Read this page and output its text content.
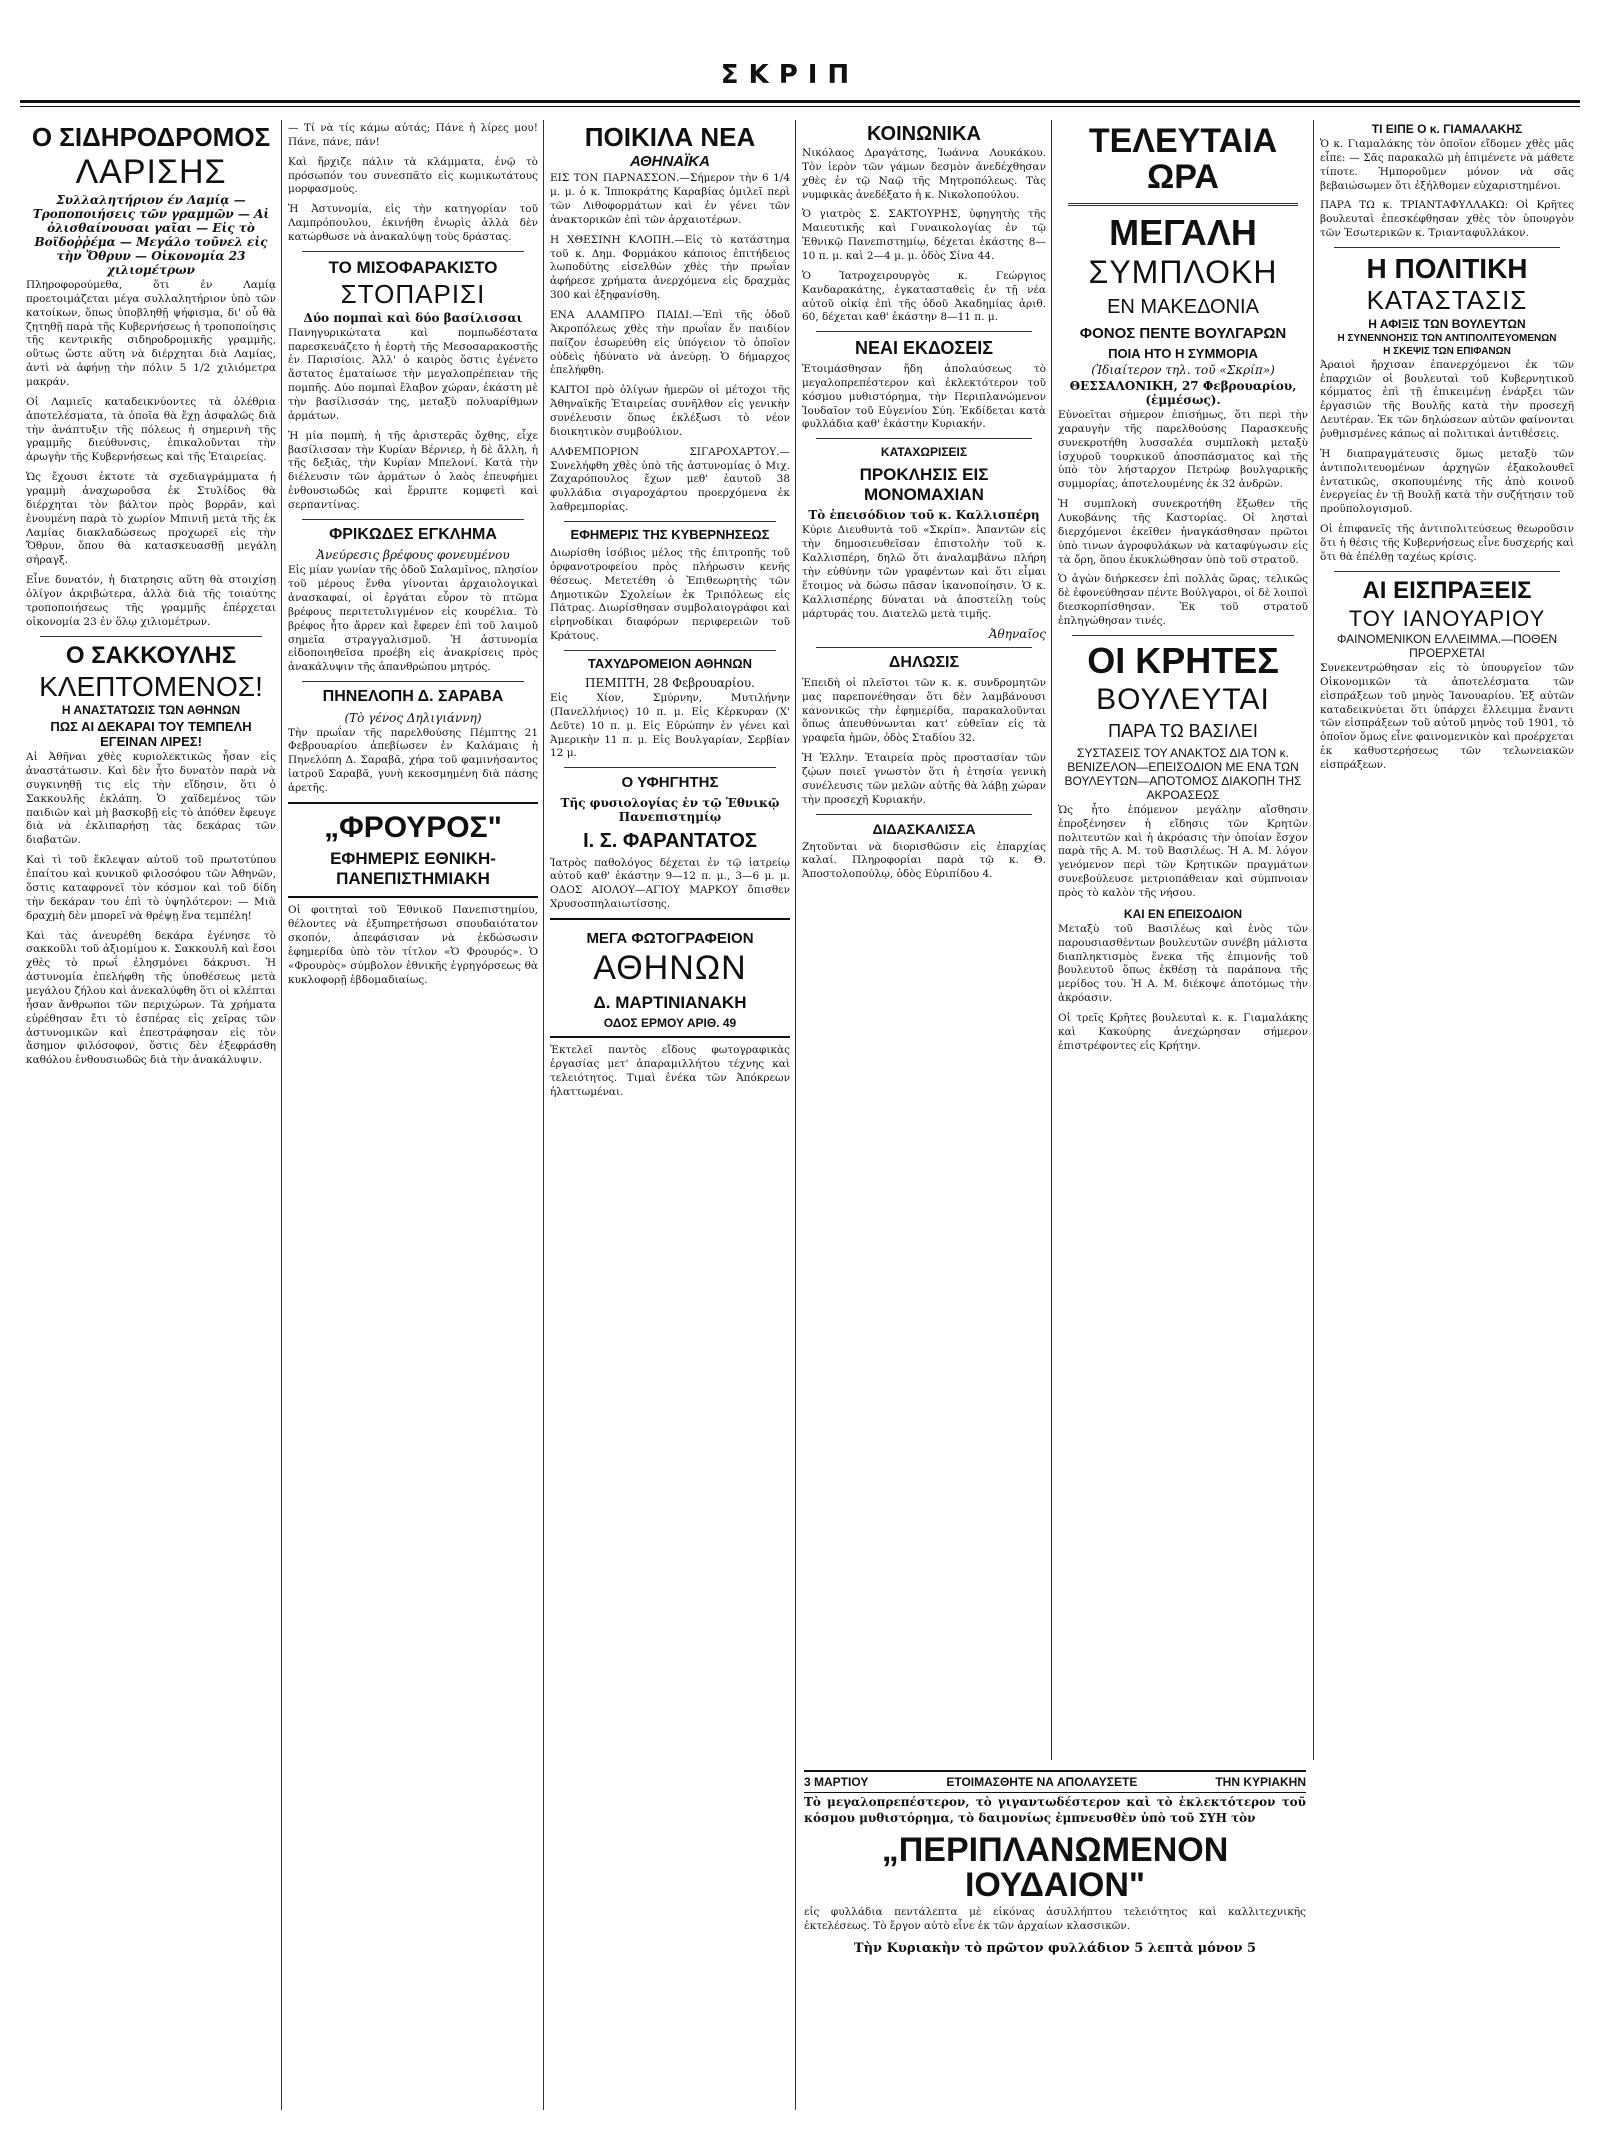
ΣΚΡΙΠ
Ο ΣΙΔΗΡΟΔΡΟΜΟΣ
ΛΑΡΙΣΗΣ
Συλλαλητήριον έν Λαμίᾳ — Τροποποιήσεις τῶν γραμμῶν — Αἱ ὀλισθαίνουσαι γαῖαι — Εἰς τὸ Βοϊδοῤῥέμα — Μεγάλο τοῦνελ εἰς τὴν Ὄθρυν — Οἰκονομία 23 χιλιομέτρων
Πληροφορούμεθα, ὅτι ἐν Λαμίᾳ προετοιμάζεται μέγα συλλαλητήριον ὑπὸ τῶν κατοίκων, ὅπως ὑποβληθῇ ψήφισμα, δι' οὗ θὰ ζητηθῇ παρὰ τῆς Κυβερνήσεως ἡ τροποποίησις τῆς κεντρικῆς σιδηροδρομικῆς γραμμῆς, οὕτως ὥστε αὕτη νὰ διέρχηται διὰ Λαμίας, ἀντὶ νὰ ἀφήνῃ τὴν πόλιν 5 1/2 χιλιόμετρα μακράν.
Οἱ Λαμιεῖς καταδεικνύοντες τὰ ὀλέθρια ἀποτελέσματα, τὰ ὁποῖα θὰ ἔχῃ ἀσφαλῶς διὰ τὴν ἀνάπτυξιν τῆς πόλεως ἡ σημερινὴ τῆς γραμμῆς διεύθυνσις, ἐπικαλοῦνται τὴν ἀρωγὴν τῆς Κυβερνήσεως καὶ τῆς Ἑταιρείας.
Ὡς ἔχουσι ἐκτοτε τὰ σχεδιαγράμματα ἡ γραμμὴ ἀναχωροῦσα ἐκ Στυλίδος θὰ διέρχηται τὸν βάλτον πρὸς βορρᾶν, καὶ ἑνουμένη παρὰ τὸ χωρίον Μπινιῆ μετὰ τῆς ἐκ Λαμίας διακλαδώσεως προχωρεῖ εἰς τὴν Ὄθρυν, ὅπου θὰ κατασκευασθῇ μεγάλη σήραγξ.
Εἶνε δυνατόν, ἡ διατρησις αὕτη θὰ στοιχίσῃ ὀλίγον ἀκριβώτερα, ἀλλὰ διὰ τῆς τοιαύτης τροποποιήσεως τῆς γραμμῆς ἐπέρχεται οἰκονομία 23 ἐν ὅλῳ χιλιομέτρων.
Ο ΣΑΚΚΟΥΛΗΣ
ΚΛΕΠΤΟΜΕΝΟΣ!
Η ΑΝΑΣΤΑΤΩΣΙΣ ΤΩΝ ΑΘΗΝΩΝ
ΠΩΣ ΑΙ ΔΕΚΑΡΑΙ ΤΟΥ ΤΕΜΠΕΛΗ ΕΓΕΙΝΑΝ ΛΙΡΕΣ!
Αἱ Ἀθῆναι χθὲς κυριολεκτικῶς ἦσαν εἰς ἀναστάτωσιν. Καὶ δὲν ἦτο δυνατὸν παρὰ νὰ συγκινηθῇ τις εἰς τὴν εἴδησιν, ὅτι ὁ Σακκουλῆς ἐκλάπη. Ὁ χαϊδεμένος τῶν παιδιῶν καὶ μὴ βασκοβῇ εἰς τὸ ἀπόθεν ἔφευγε διὰ νὰ ἐκλιπαρήσῃ τὰς δεκάρας τῶν διαβατῶν.
Καὶ τὶ τοῦ ἔκλεψαν αὐτοῦ τοῦ πρωτοτύπου ἐπαίτου καὶ κυνικοῦ φιλοσόφου τῶν Ἀθηνῶν, ὅστις καταφρονεῖ τὸν κόσμον καὶ τοῦ δίδη τὴν δεκάραν του ἐπὶ τὸ ὑψηλότερον: — Μιὰ δραχμὴ δὲν μπορεῖ νὰ θρέψῃ ἕνα τεμπέλη!
Καὶ τὰς ἀνευρέθη δεκάρα ἐγένησε τὸ σακκοῦλι τοῦ ἀξιομίμου κ. Σακκουλῆ καὶ ἔσοι χθὲς τὸ πρωΐ ἐλησμόνει δάκρυσι. Ἡ ἀστυνομία ἐπελήφθη τῆς ὑποθέσεως μετὰ μεγάλου ζήλου καὶ ἀνεκαλύφθη ὅτι οἱ κλέπται ἦσαν ἄνθρωποι τῶν περιχώρων. Τὰ χρήματα εὑρέθησαν ἔτι τὸ ἑσπέρας εἰς χεῖρας τῶν ἀστυνομικῶν καὶ ἐπεστράφησαν εἰς τὸν ἄσημον φιλόσοφον, ὅστις δὲν ἐξεφράσθη καθόλου ἐνθουσιωδῶς διὰ τὴν ἀνακάλυψιν.
— Τί νὰ τίς κάμω αὐτάς; Πάνε ἡ λίρες μου! Πάνε, πάνε, πάν!
Καὶ ἤρχιζε πάλιν τὰ κλάμματα, ἐνῷ τὸ πρόσωπόν του συνεσπᾶτο εἰς κωμικωτάτους μορφασμούς.
Ἡ Ἀστυνομία, εἰς τὴν κατηγορίαν τοῦ Λαμπρόπουλου, ἐκινήθη ἐνωρὶς ἀλλὰ δὲν κατώρθωσε νὰ ἀνακαλύψῃ τοὺς δράστας.
ΤΟ ΜΙΣΟΦΑΡΑΚΙΣΤΟ
ΣΤΟΠΑΡΙΣΙ
Δύο πομπαὶ καὶ δύο βασίλισσαι
Πανηγυρικώτατα καὶ πομπωδέστατα παρεσκευάζετο ἡ ἑορτὴ τῆς Μεσοσαρακοστῆς ἐν Παρισίοις. Ἀλλ' ὁ καιρὸς ὅστις ἐγένετο ἄστατος ἐματαίωσε τὴν μεγαλοπρέπειαν τῆς πομπῆς. Δύο πομπαὶ ἔλαβον χώραν, ἐκάστη μὲ τὴν βασίλισσάν της, μεταξὺ πολυαρίθμων ἁρμάτων.
Ἡ μία πομπὴ, ἡ τῆς ἀριστερᾶς ὄχθης, εἶχε βασίλισσαν τὴν Κυρίαν Βέρνιερ, ἡ δὲ ἄλλη, ἡ τῆς δεξιᾶς, τὴν Κυρίαν Μπελονί. Κατὰ τὴν διέλευσιν τῶν ἁρμάτων ὁ λαὸς ἐπευφήμει ἐνθουσιωδῶς καὶ ἔρριπτε κομφετὶ καὶ σερπαντίνας.
ΦΡΙΚΩΔΕΣ ΕΓΚΛΗΜΑ
Ἀνεύρεσις βρέφους φονευμένου
Εἰς μίαν γωνίαν τῆς ὁδοῦ Σαλαμῖνος, πλησίον τοῦ μέρους ἔνθα γίνονται ἀρχαιολογικαὶ ἀνασκαφαί, οἱ ἐργάται εὗρον τὸ πτῶμα βρέφους περιτετυλιγμένον εἰς κουρέλια. Τὸ βρέφος ἦτο ἄρρεν καὶ ἔφερεν ἐπὶ τοῦ λαιμοῦ σημεῖα στραγγαλισμοῦ. Ἡ ἀστυνομία εἰδοποιηθεῖσα προέβη εἰς ἀνακρίσεις πρὸς ἀνακάλυψιν τῆς ἀπανθρώπου μητρός.
ΠΗΝΕΛΟΠΗ Δ. ΣΑΡΑΒΑ
(Τὸ γένος Δηλιγιάννη)
Τὴν πρωΐαν τῆς παρελθούσης Πέμπτης 21 Φεβρουαρίου ἀπεβίωσεν ἐν Καλάμαις ἡ Πηνελόπη Δ. Σαραβᾶ, χήρα τοῦ φαμινήσαντος ἰατροῦ Σαραβᾶ, γυνὴ κεκοσμημένη διὰ πάσης ἀρετῆς.
„ΦΡΟΥΡΟΣ"
ΕΦΗΜΕΡΙΣ ΕΘΝΙΚΗ-ΠΑΝΕΠΙΣΤΗΜΙΑΚΗ
Οἱ φοιτηταὶ τοῦ Ἐθνικοῦ Πανεπιστημίου, θέλοντες νὰ ἐξυπηρετήσωσι σπουδαιότατον σκοπόν, ἀπεφάσισαν νὰ ἐκδώσωσιν ἐφημερίδα ὑπὸ τὸν τίτλον «Ὁ Φρουρός». Ὁ «Φρουρὸς» σύμβολον ἐθνικῆς ἐγρηγόρσεως θὰ κυκλοφορῇ ἑβδομαδιαίως.
ΠΟΙΚΙΛΑ ΝΕΑ
ΑΘΗΝΑΪΚΑ
ΕΙΣ ΤΟΝ ΠΑΡΝΑΣΣΟΝ.—Σήμερον τὴν 6 1/4 μ. μ. ὁ κ. Ἱπποκράτης Καραβίας ὁμιλεῖ περὶ τῶν Λιθοφορμάτων καὶ ἐν γένει τῶν ἀνακτορικῶν ἐπὶ τῶν ἀρχαιοτέρων.
Η ΧΘΕΣΙΝΗ ΚΛΟΠΗ.—Εἰς τὸ κατάστημα τοῦ κ. Δημ. Φορμάκου κάποιος ἐπιτήδειος λωποδύτης εἰσελθὼν χθὲς τὴν πρωΐαν ἀφήρεσε χρήματα ἀνερχόμενα εἰς δραχμὰς 300 καὶ ἐξηφανίσθη.
ΕΝΑ ΑΛΑΜΠΡΟ ΠΑΙΔΙ.—Ἐπὶ τῆς ὁδοῦ Ἀκροπόλεως χθὲς τὴν πρωΐαν ἕν παιδίον παίζον ἐσωρεύθη εἰς ὑπόγειον τὸ ὁποῖον οὐδεὶς ἠδύνατο νὰ ἀνεύρῃ. Ὁ δήμαρχος ἐπελήφθη.
ΚΑΙΤΟΙ πρὸ ὀλίγων ἡμερῶν οἱ μέτοχοι τῆς Ἀθηναϊκῆς Ἑταιρείας συνῆλθον εἰς γενικὴν συνέλευσιν ὅπως ἐκλέξωσι τὸ νέον διοικητικὸν συμβούλιον.
ΑΛΦΕΜΠΟΡΙΟΝ ΣΙΓΑΡΟΧΑΡΤΟΥ.—Συνελήφθη χθὲς ὑπὸ τῆς ἀστυνομίας ὁ Μιχ. Ζαχαρόπουλος ἔχων μεθ' ἑαυτοῦ 38 φυλλάδια σιγαροχάρτου προερχόμενα ἐκ λαθρεμπορίας.
ΕΦΗΜΕΡΙΣ ΤΗΣ ΚΥΒΕΡΝΗΣΕΩΣ
Διωρίσθη ἰσόβιος μέλος τῆς ἐπιτροπῆς τοῦ ὀρφανοτροφείου πρὸς πλήρωσιν κενῆς θέσεως. Μετετέθη ὁ Ἐπιθεωρητὴς τῶν Δημοτικῶν Σχολείων ἐκ Τριπόλεως εἰς Πάτρας. Διωρίσθησαν συμβολαιογράφοι καὶ εἰρηνοδίκαι διαφόρων περιφερειῶν τοῦ Κράτους.
ΤΑΧΥΔΡΟΜΕΙΟΝ ΑΘΗΝΩΝ
ΠΕΜΠΤΗ, 28 Φεβρουαρίου.
Εἰς Χίον, Σμύρνην, Μυτιλήνην (Πανελλήνιος) 10 π. μ. Εἰς Κέρκυραν (Χ' Δεῦτε) 10 π. μ. Εἰς Εὐρώπην ἐν γένει καὶ Ἀμερικὴν 11 π. μ. Εἰς Βουλγαρίαν, Σερβίαν 12 μ.
Ο ΥΦΗΓΗΤΗΣ
Τῆς φυσιολογίας ἐν τῷ Ἐθνικῷ Πανεπιστημίῳ
Ι. Σ. ΦΑΡΑΝΤΑΤΟΣ
Ἰατρὸς παθολόγος δέχεται ἐν τῷ ἰατρείῳ αὐτοῦ καθ' ἑκάστην 9—12 π. μ., 3—6 μ. μ. ΟΔΟΣ ΑΙΟΛΟΥ—ΑΓΙΟΥ ΜΑΡΚΟΥ ὄπισθεν Χρυσοσπηλαιωτίσσης.
ΜΕΓΑ ΦΩΤΟΓΡΑΦΕΙΟΝ
ΑΘΗΝΩΝ
Δ. ΜΑΡΤΙΝΙΑΝΑΚΗ
ΟΔΟΣ ΕΡΜΟΥ ΑΡΙΘ. 49
Ἐκτελεῖ παντὸς εἴδους φωτογραφικὰς ἐργασίας μετ' ἀπαραμιλλήτου τέχνης καὶ τελειότητος. Τιμαὶ ἐνέκα τῶν Ἀπόκρεων ἠλαττωμέναι.
ΚΟΙΝΩΝΙΚΑ
Νικόλαος Δραγάτσης, Ἰωάννα Λουκάκου. Τὸν ἱερὸν τῶν γάμων δεσμὸν ἀνεδέχθησαν χθὲς ἐν τῷ Ναῷ τῆς Μητροπόλεως. Τὰς νυμφικὰς ἀνεδέξατο ἡ κ. Νικολοπούλου.
Ὁ γιατρὸς Σ. ΣΑΚΤΟΥΡΗΣ, ὑφηγητὴς τῆς Μαιευτικῆς καὶ Γυναικολογίας ἐν τῷ Ἐθνικῷ Πανεπιστημίῳ, δέχεται ἑκάστης 8—10 π. μ. καὶ 2—4 μ. μ. ὁδὸς Σίνα 44.
Ὁ Ἰατροχειρουργὸς κ. Γεώργιος Κανδαρακάτης, ἐγκατασταθεὶς ἐν τῇ νέα αὐτοῦ οἰκίᾳ ἐπὶ τῆς ὁδοῦ Ἀκαδημίας ἀριθ. 60, δέχεται καθ' ἑκάστην 8—11 π. μ.
ΝΕΑΙ ΕΚΔΟΣΕΙΣ
Ἐτοιμάσθησαν ἤδη ἀπολαύσεως τὸ μεγαλοπρεπέστερον καὶ ἐκλεκτότερον τοῦ κόσμου μυθιστόρημα, τὴν Περιπλανώμενον Ἰουδαῖον τοῦ Εὐγενίου Σύη. Ἐκδίδεται κατὰ φυλλάδια καθ' ἑκάστην Κυριακήν.
ΚΑΤΑΧΩΡΙΣΕΙΣ
ΠΡΟΚΛΗΣΙΣ ΕΙΣ ΜΟΝΟΜΑΧΙΑΝ
Τὸ ἐπεισόδιον τοῦ κ. Καλλισπέρη
Κύριε Διευθυντὰ τοῦ «Σκρίπ». Ἀπαντῶν εἰς τὴν δημοσιευθεῖσαν ἐπιστολὴν τοῦ κ. Καλλισπέρη, δηλῶ ὅτι ἀναλαμβάνω πλήρη τὴν εὐθύνην τῶν γραφέντων καὶ ὅτι εἶμαι ἕτοιμος νὰ δώσω πᾶσαν ἱκανοποίησιν. Ὁ κ. Καλλισπέρης δύναται νὰ ἀποστείλῃ τοὺς μάρτυράς του. Διατελῶ μετὰ τιμῆς.
Ἀθηναῖος
ΔΗΛΩΣΙΣ
Ἐπειδὴ οἱ πλεῖστοι τῶν κ. κ. συνδρομητῶν μας παρεπονέθησαν ὅτι δὲν λαμβάνουσι κανονικῶς τὴν ἐφημερίδα, παρακαλοῦνται ὅπως ἀπευθύνωνται κατ' εὐθεῖαν εἰς τὰ γραφεῖα ἡμῶν, ὁδὸς Σταδίου 32.
Ἡ Ἑλλην. Ἑταιρεία πρὸς προστασίαν τῶν ζῴων ποιεῖ γνωστὸν ὅτι ἡ ἐτησία γενικὴ συνέλευσις τῶν μελῶν αὐτῆς θὰ λάβῃ χώραν τὴν προσεχῆ Κυριακήν.
ΔΙΔΑΣΚΑΛΙΣΣΑ
Ζητοῦνται νὰ διορισθῶσιν εἰς ἐπαρχίας καλαί. Πληροφορίαι παρὰ τῷ κ. Θ. Ἀποστολοπούλῳ, ὁδὸς Εὐριπίδου 4.
ΤΕΛΕΥΤΑΙΑ ΩΡΑ
ΜΕΓΑΛΗ
ΣΥΜΠΛΟΚΗ
ΕΝ ΜΑΚΕΔΟΝΙΑ
ΦΟΝΟΣ ΠΕΝΤΕ ΒΟΥΛΓΑΡΩΝ
ΠΟΙΑ ΗΤΟ Η ΣΥΜΜΟΡΙΑ
(Ἰδιαίτερον τηλ. τοῦ «Σκρίπ»)
ΘΕΣΣΑΛΟΝΙΚΗ, 27 Φεβρουαρίου, (ἐμμέσως).
Εὐνοεῖται σήμερον ἐπισήμως, ὅτι περὶ τὴν χαραυγὴν τῆς παρελθούσης Παρασκευῆς συνεκροτήθη λυσσαλέα συμπλοκὴ μεταξὺ ἰσχυροῦ τουρκικοῦ ἀποσπάσματος καὶ τῆς ὑπὸ τὸν λήσταρχον Πετρὼφ βουλγαρικῆς συμμορίας, ἀποτελουμένης ἐκ 32 ἀνδρῶν.
Ἡ συμπλοκὴ συνεκροτήθη ἔξωθεν τῆς Λυκοβάνης τῆς Καστορίας. Οἱ λησταὶ διερχόμενοι ἐκεῖθεν ἠναγκάσθησαν πρῶτοι ὑπὸ τινων ἀγροφυλάκων νὰ καταφύγωσιν εἰς τὰ ὄρη, ὅπου ἐκυκλώθησαν ὑπὸ τοῦ στρατοῦ.
Ὁ ἀγὼν διήρκεσεν ἐπὶ πολλὰς ὥρας, τελικῶς δὲ ἐφονεύθησαν πέντε Βούλγαροι, οἱ δὲ λοιποὶ διεσκορπίσθησαν. Ἐκ τοῦ στρατοῦ ἐπληγώθησαν τινές.
ΟΙ ΚΡΗΤΕΣ
ΒΟΥΛΕΥΤΑΙ
ΠΑΡΑ ΤΩ ΒΑΣΙΛΕΙ
ΣΥΣΤΑΣΕΙΣ ΤΟΥ ΑΝΑΚΤΟΣ ΔΙΑ ΤΟΝ κ. ΒΕΝΙΖΕΛΟΝ—ΕΠΕΙΣΟΔΙΟΝ ΜΕ ΕΝΑ ΤΩΝ ΒΟΥΛΕΥΤΩΝ—ΑΠΟΤΟΜΟΣ ΔΙΑΚΟΠΗ ΤΗΣ ΑΚΡΟΑΣΕΩΣ
Ὡς ἦτο ἑπόμενον μεγάλην αἴσθησιν ἐπροξένησεν ἡ εἴδησις τῶν Κρητῶν πολιτευτῶν καὶ ἡ ἀκρόασις τὴν ὁποίαν ἔσχον παρὰ τῆς Α. Μ. τοῦ Βασιλέως. Ἡ Α. Μ. λόγον γενόμενον περὶ τῶν Κρητικῶν πραγμάτων συνεβούλευσε μετριοπάθειαν καὶ σύμπνοιαν πρὸς τὸ καλὸν τῆς νήσου.
ΚΑΙ ΕΝ ΕΠΕΙΣΟΔΙΟΝ
Μεταξὺ τοῦ Βασιλέως καὶ ἑνὸς τῶν παρουσιασθέντων βουλευτῶν συνέβη μάλιστα διαπληκτισμὸς ἕνεκα τῆς ἐπιμονῆς τοῦ βουλευτοῦ ὅπως ἐκθέσῃ τὰ παράπονα τῆς μερίδος του. Ἡ Α. Μ. διέκοψε ἀποτόμως τὴν ἀκρόασιν.
Οἱ τρεῖς Κρῆτες βουλευταὶ κ. κ. Γιαμαλάκης καὶ Κακούρης ἀνεχώρησαν σήμερον ἐπιστρέφοντες εἰς Κρήτην.
ΤΙ ΕΙΠΕ Ο κ. ΓΙΑΜΑΛΑΚΗΣ
Ὁ κ. Γιαμαλάκης τὸν ὁποῖον εἴδομεν χθὲς μᾶς εἶπε: — Σᾶς παρακαλῶ μὴ ἐπιμένετε νὰ μάθετε τίποτε. Ἠμποροῦμεν μόνον νὰ σᾶς βεβαιώσωμεν ὅτι ἐξήλθομεν εὐχαριστημένοι.
ΠΑΡΑ ΤΩ κ. ΤΡΙΑΝΤΑΦΥΛΛΑΚΩ: Οἱ Κρῆτες βουλευταὶ ἐπεσκέφθησαν χθὲς τὸν ὑπουργὸν τῶν Ἐσωτερικῶν κ. Τριανταφυλλάκον.
Η ΠΟΛΙΤΙΚΗ
ΚΑΤΑΣΤΑΣΙΣ
Η ΑΦΙΞΙΣ ΤΩΝ ΒΟΥΛΕΥΤΩΝ
Η ΣΥΝΕΝΝΟΗΣΙΣ ΤΩΝ ΑΝΤΙΠΟΛΙΤΕΥΟΜΕΝΩΝ
Η ΣΚΕΨΙΣ ΤΩΝ ΕΠΙΦΑΝΩΝ
Ἀραιοὶ ἤρχισαν ἐπανερχόμενοι ἐκ τῶν ἐπαρχιῶν οἱ βουλευταὶ τοῦ Κυβερνητικοῦ κόμματος ἐπὶ τῇ ἐπικειμένῃ ἐνάρξει τῶν ἐργασιῶν τῆς Βουλῆς κατὰ τὴν προσεχῆ Δευτέραν. Ἐκ τῶν δηλώσεων αὐτῶν φαίνονται ῥυθμισμένες κάπως αἱ πολιτικαὶ ἀντιθέσεις.
Ἡ διαπραγμάτευσις ὅμως μεταξὺ τῶν ἀντιπολιτευομένων ἀρχηγῶν ἐξακολουθεῖ ἐντατικῶς, σκοπουμένης τῆς ἀπὸ κοινοῦ ἐνεργείας ἐν τῇ Βουλῇ κατὰ τὴν συζήτησιν τοῦ προϋπολογισμοῦ.
Οἱ ἐπιφανεῖς τῆς ἀντιπολιτεύσεως θεωροῦσιν ὅτι ἡ θέσις τῆς Κυβερνήσεως εἶνε δυσχερής καὶ ὅτι θὰ ἐπέλθῃ ταχέως κρίσις.
ΑΙ ΕΙΣΠΡΑΞΕΙΣ
ΤΟΥ ΙΑΝΟΥΑΡΙΟΥ
ΦΑΙΝΟΜΕΝΙΚΟΝ ΕΛΛΕΙΜΜΑ.—ΠΟΘΕΝ ΠΡΟΕΡΧΕΤΑΙ
Συνεκεντρώθησαν εἰς τὸ ὑπουργεῖον τῶν Οἰκονομικῶν τὰ ἀποτελέσματα τῶν εἰσπράξεων τοῦ μηνὸς Ἰανουαρίου. Ἐξ αὐτῶν καταδεικνύεται ὅτι ὑπάρχει ἔλλειμμα ἔναντι τῶν εἰσπράξεων τοῦ αὐτοῦ μηνὸς τοῦ 1901, τὸ ὁποῖον ὅμως εἶνε φαινομενικὸν καὶ προέρχεται ἐκ καθυστερήσεως τῶν τελωνειακῶν εἰσπράξεων.
3 ΜΑΡΤΙΟΥ	ΕΤΟΙΜΑΣΘΗΤΕ ΝΑ ΑΠΟΛΑΥΣΕΤΕ	ΤΗΝ ΚΥΡΙΑΚΗΝ
Τὸ μεγαλοπρεπέστερον, τὸ γιγαντωδέστερον καὶ τὸ ἐκλεκτότερον τοῦ κόσμου μυθιστόρημα, τὸ δαιμονίως ἐμπνευσθὲν ὑπὸ τοῦ ΣΥΗ τὸν
„ΠΕΡΙΠΛΑΝΩΜΕΝΟΝ ΙΟΥΔΑΙΟΝ"
εἰς φυλλάδια πεντάλεπτα μὲ εἰκόνας ἀσυλλήπτου τελειότητος καὶ καλλιτεχνικῆς ἐκτελέσεως. Τὸ ἔργον αὐτὸ εἶνε ἐκ τῶν ἀρχαίων κλασσικῶν.
Τὴν Κυριακὴν τὸ πρῶτον φυλλάδιον 5 λεπτὰ μόνον 5
